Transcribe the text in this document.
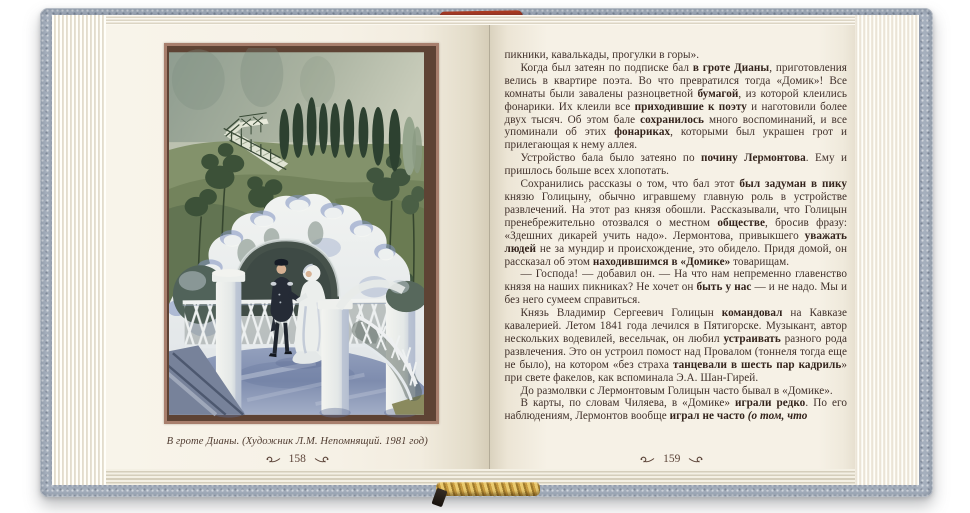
В гроте Дианы. (Художник Л.М. Непомнящий. 1981 год)
158

пикники, кавалькады, прогулки в горы».

Когда был затеян по подписке бал в гроте Дианы, приготовления велись в квартире поэта. Во что превратился тогда «Домик»! Все комнаты были завалены разноцветной бумагой, из которой клеились фонарики. Их клеили все приходившие к поэту и наготовили более двух тысяч. Об этом бале сохранилось много воспоминаний, и все упоминали об этих фонариках, которыми был украшен грот и прилегающая к нему аллея.

Устройство бала было затеяно по почину Лермонтова. Ему и пришлось больше всех хлопотать.

Сохранились рассказы о том, что бал этот был задуман в пику князю Голицыну, обычно игравшему главную роль в устройстве развлечений. На этот раз князя обошли. Рассказывали, что Голицын пренебрежительно отозвался о местном обществе, бросив фразу: «Здешних дикарей учить надо». Лермонтова, привыкшего уважать людей не за мундир и происхождение, это обидело. Придя домой, он рассказал об этом находившимся в «Домике» товарищам.

— Господа! — добавил он. — На что нам непременно главенство князя на наших пикниках? Не хочет он быть у нас — и не надо. Мы и без него сумеем справиться.

Князь Владимир Сергеевич Голицын командовал на Кавказе кавалерией. Летом 1841 года лечился в Пятигорске. Музыкант, автор нескольких водевилей, весельчак, он любил устраивать разного рода развлечения. Это он устроил помост над Провалом (тоннеля тогда еще не было), на котором «без страха танцевали в шесть пар кадриль» при свете факелов, как вспоминала Э.А. Шан-Гирей.

До размолвки с Лермонтовым Голицын часто бывал в «Домике».

В карты, по словам Чиляева, в «Домике» играли редко. По его наблюдениям, Лермонтов вообще играл не часто (о том, что

159
